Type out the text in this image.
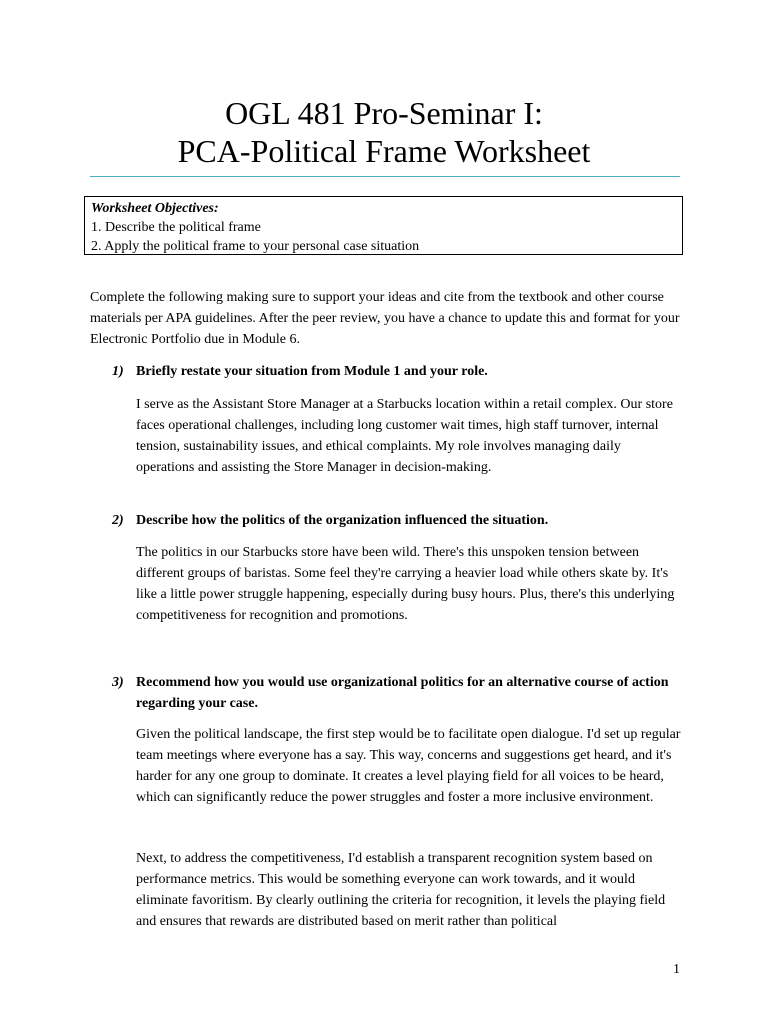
OGL 481 Pro-Seminar I:
PCA-Political Frame Worksheet
Worksheet Objectives:
1. Describe the political frame
2. Apply the political frame to your personal case situation
Complete the following making sure to support your ideas and cite from the textbook and other course materials per APA guidelines. After the peer review, you have a chance to update this and format for your Electronic Portfolio due in Module 6.
1) Briefly restate your situation from Module 1 and your role.
I serve as the Assistant Store Manager at a Starbucks location within a retail complex. Our store faces operational challenges, including long customer wait times, high staff turnover, internal tension, sustainability issues, and ethical complaints. My role involves managing daily operations and assisting the Store Manager in decision-making.
2) Describe how the politics of the organization influenced the situation.
The politics in our Starbucks store have been wild. There's this unspoken tension between different groups of baristas. Some feel they're carrying a heavier load while others skate by. It's like a little power struggle happening, especially during busy hours. Plus, there's this underlying competitiveness for recognition and promotions.
3) Recommend how you would use organizational politics for an alternative course of action regarding your case.
Given the political landscape, the first step would be to facilitate open dialogue. I'd set up regular team meetings where everyone has a say. This way, concerns and suggestions get heard, and it's harder for any one group to dominate. It creates a level playing field for all voices to be heard, which can significantly reduce the power struggles and foster a more inclusive environment.
Next, to address the competitiveness, I'd establish a transparent recognition system based on performance metrics. This would be something everyone can work towards, and it would eliminate favoritism. By clearly outlining the criteria for recognition, it levels the playing field and ensures that rewards are distributed based on merit rather than political
1
